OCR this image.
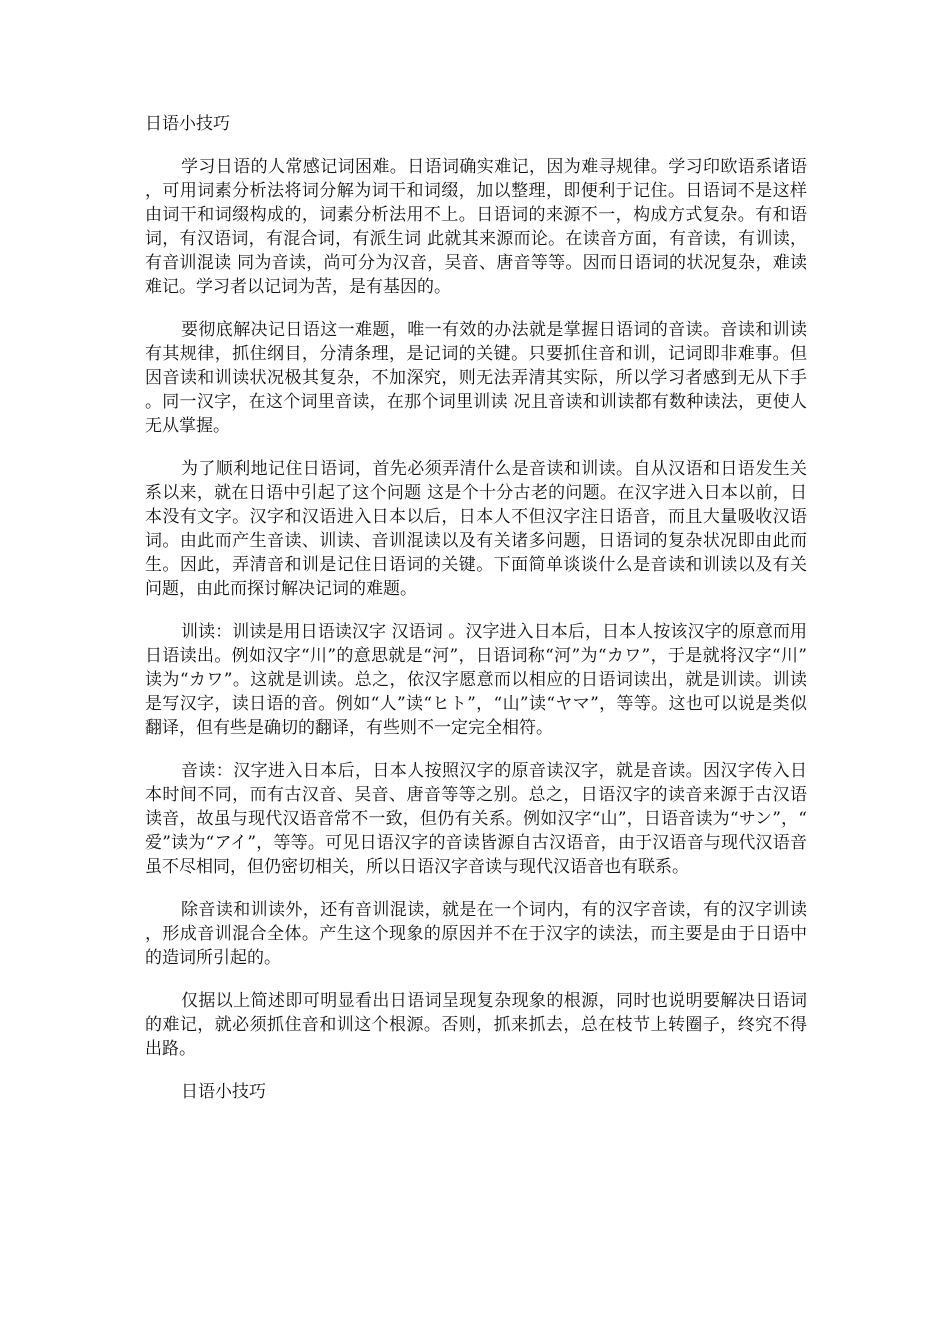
日语小技巧

学习日语的人常感记词困难。日语词确实难记，因为难寻规律。学习印欧语系诸语，可用词素分析法将词分解为词干和词缀，加以整理，即便利于记住。日语词不是这样由词干和词缀构成的，词素分析法用不上。日语词的来源不一，构成方式复杂。有和语词，有汉语词，有混合词，有派生词 此就其来源而论。在读音方面，有音读，有训读，有音训混读 同为音读，尚可分为汉音，吴音、唐音等等。因而日语词的状况复杂，难读难记。学习者以记词为苦，是有基因的。

要彻底解决记日语这一难题，唯一有效的办法就是掌握日语词的音读。音读和训读有其规律，抓住纲目，分清条理，是记词的关键。只要抓住音和训，记词即非难事。但因音读和训读状况极其复杂，不加深究，则无法弄清其实际，所以学习者感到无从下手。同一汉字，在这个词里音读，在那个词里训读 况且音读和训读都有数种读法，更使人无从掌握。

为了顺利地记住日语词，首先必须弄清什么是音读和训读。自从汉语和日语发生关系以来，就在日语中引起了这个问题 这是个十分古老的问题。在汉字进入日本以前，日本没有文字。汉字和汉语进入日本以后，日本人不但汉字注日语音，而且大量吸收汉语词。由此而产生音读、训读、音训混读以及有关诸多问题，日语词的复杂状况即由此而生。因此，弄清音和训是记住日语词的关键。下面简单谈谈什么是音读和训读以及有关问题，由此而探讨解决记词的难题。

训读：训读是用日语读汉字 汉语词 。汉字进入日本后，日本人按该汉字的原意而用日语读出。例如汉字“川”的意思就是“河”，日语词称“河”为“カワ”，于是就将汉字“川”读为“カワ”。这就是训读。总之，依汉字愿意而以相应的日语词读出，就是训读。训读是写汉字，读日语的音。例如“人”读“ヒト”，“山”读“ヤマ”，等等。这也可以说是类似翻译，但有些是确切的翻译，有些则不一定完全相符。

音读：汉字进入日本后，日本人按照汉字的原音读汉字，就是音读。因汉字传入日本时间不同，而有古汉音、吴音、唐音等等之别。总之，日语汉字的读音来源于古汉语读音，故虽与现代汉语音常不一致，但仍有关系。例如汉字“山”，日语音读为“サン”，“爱”读为“アイ”，等等。可见日语汉字的音读皆源自古汉语音，由于汉语音与现代汉语音虽不尽相同，但仍密切相关，所以日语汉字音读与现代汉语音也有联系。

除音读和训读外，还有音训混读，就是在一个词内，有的汉字音读，有的汉字训读，形成音训混合全体。产生这个现象的原因并不在于汉字的读法，而主要是由于日语中的造词所引起的。

仅据以上简述即可明显看出日语词呈现复杂现象的根源，同时也说明要解决日语词的难记，就必须抓住音和训这个根源。否则，抓来抓去，总在枝节上转圈子，终究不得出路。

日语小技巧
